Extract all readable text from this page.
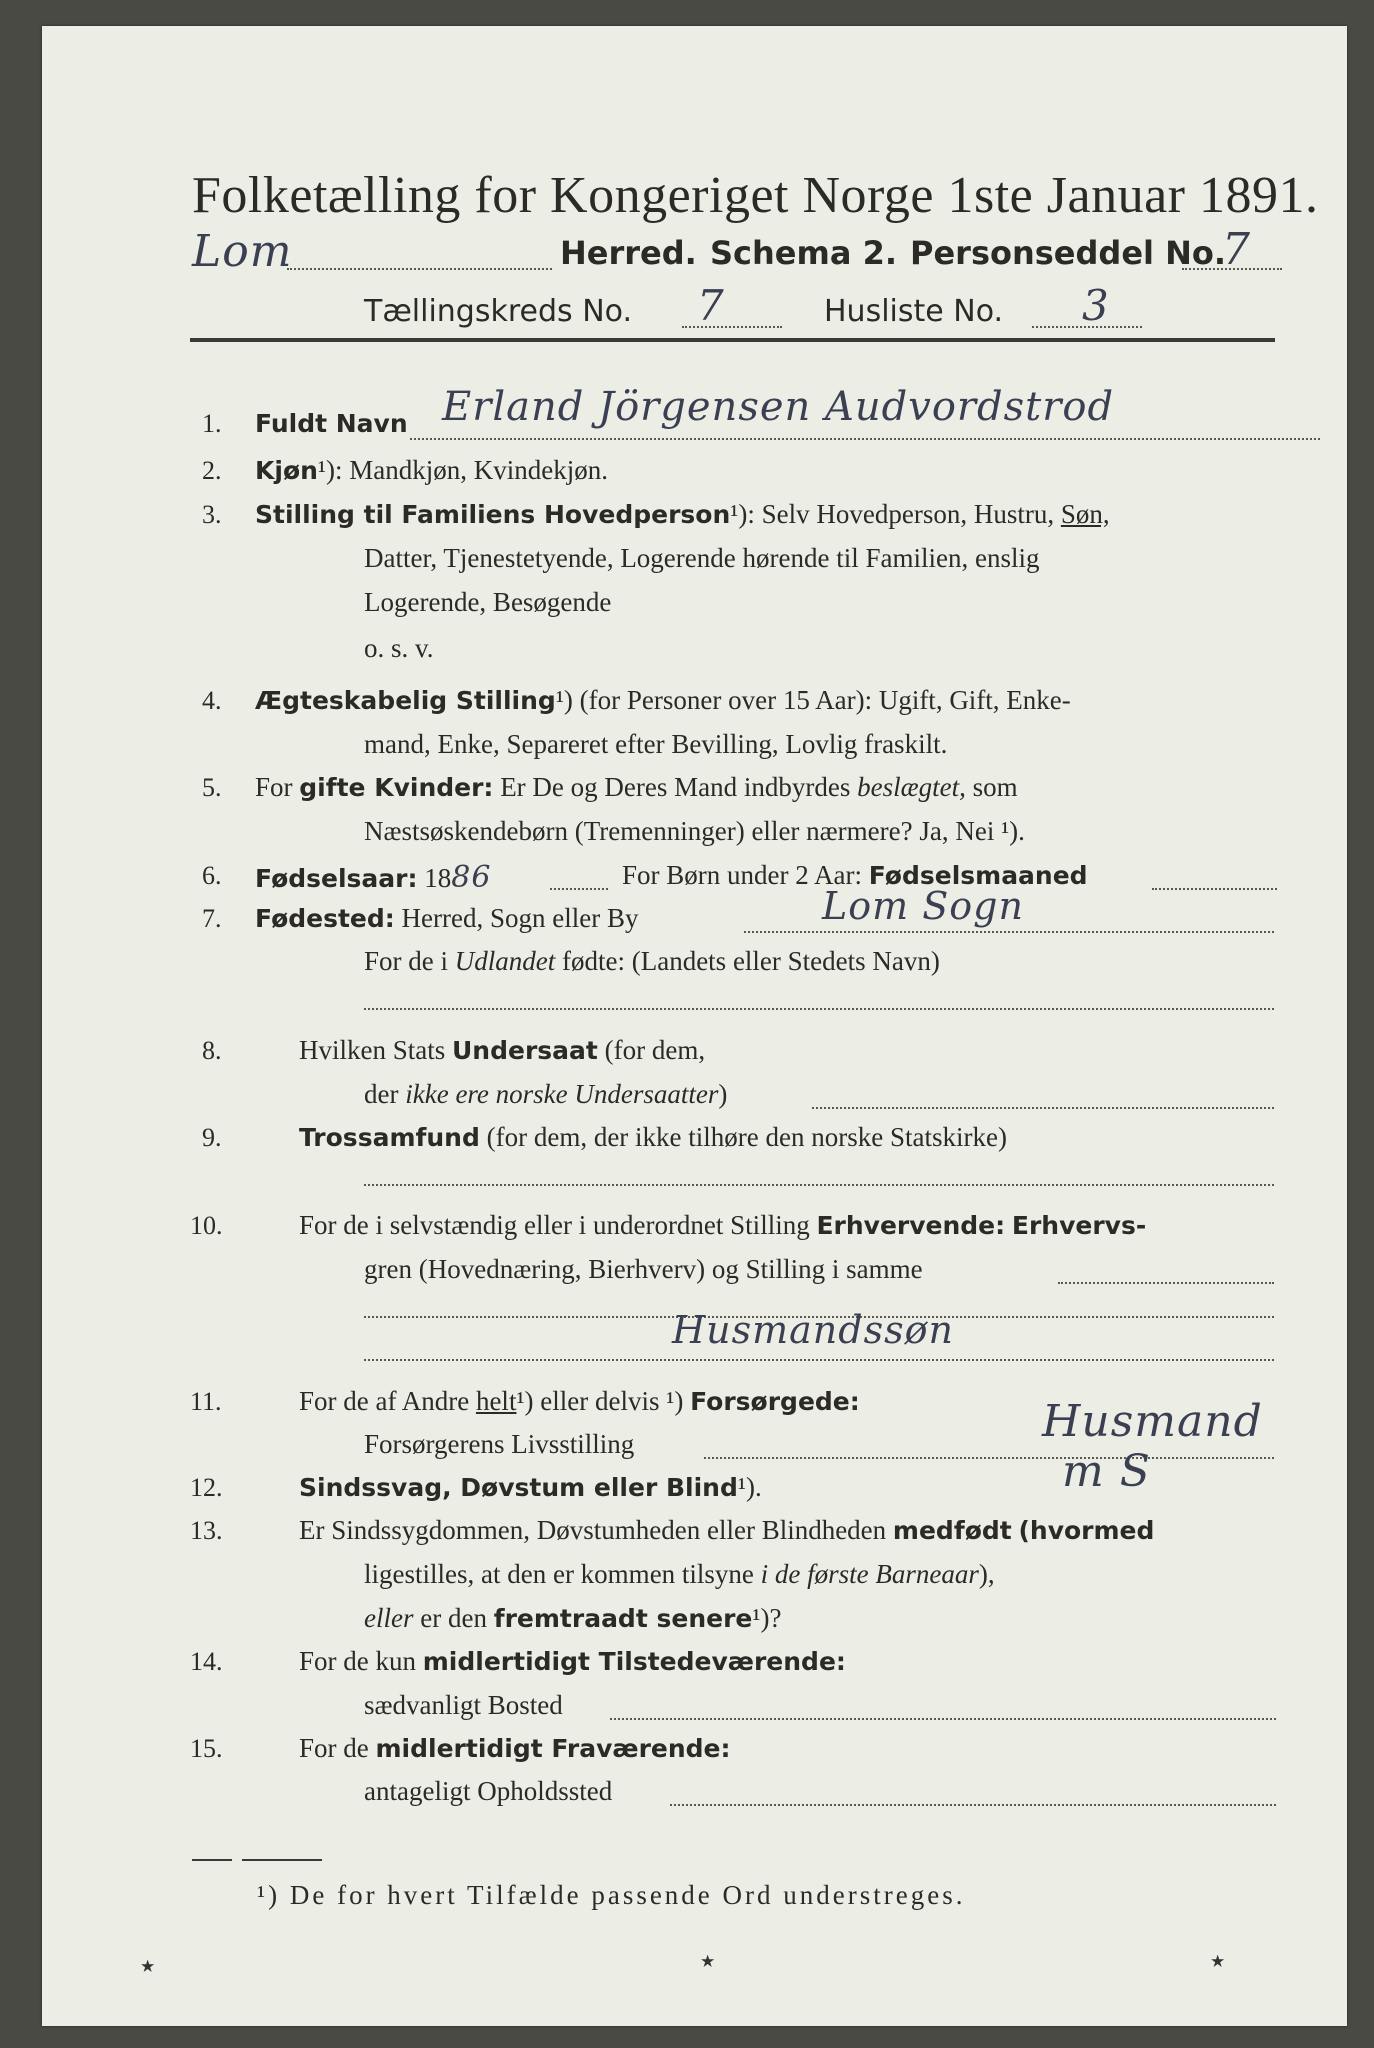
Folketælling for Kongeriget Norge 1ste Januar 1891.
Lom	Herred. Schema 2. Personseddel No.
7
Tællingskreds No. 7	Husliste No. 3
1. Fuldt Navn Erland Jörgensen Audvordstrod
2. Kjøn¹): Mandkjøn, Kvindekjøn.
3. Stilling til Familiens Hovedperson¹): Selv Hovedperson, Hustru, Søn,
Datter, Tjenestetyende, Logerende hørende til Familien, enslig
Logerende, Besøgende
o. s. v.
4. Ægteskabelig Stilling¹) (for Personer over 15 Aar): Ugift, Gift, Enke-
mand, Enke, Separeret efter Bevilling, Lovlig fraskilt.
5. For gifte Kvinder: Er De og Deres Mand indbyrdes beslægtet, som
Næstsøskendebørn (Tremenninger) eller nærmere? Ja, Nei ¹).
6. Fødselsaar: 1886	For Børn under 2 Aar: Fødselsmaaned
7. Fødested: Herred, Sogn eller By	Lom Sogn
For de i Udlandet fødte: (Landets eller Stedets Navn)
8.	Hvilken Stats Undersaat (for dem,
der ikke ere norske Undersaatter)
9.	Trossamfund (for dem, der ikke tilhøre den norske Statskirke)
10.	For de i selvstændig eller i underordnet Stilling Erhvervende: Erhvervs-
gren (Hovednæring, Bierhverv) og Stilling i samme
Husmandssøn
11.	For de af Andre helt¹) eller delvis ¹) Forsørgede:
Forsørgerens Livsstilling	Husmand
12.	Sindssvag, Døvstum eller Blind¹).	m S
13.	Er Sindssygdommen, Døvstumheden eller Blindheden medfødt (hvormed
ligestilles, at den er kommen tilsyne i de første Barneaar),
eller er den fremtraadt senere¹)?
14.	For de kun midlertidigt Tilstedeværende:
sædvanligt Bosted
15.	For de midlertidigt Fraværende:
antageligt Opholdssted
¹) De for hvert Tilfælde passende Ord understreges.
⋆	⋆	⋆
